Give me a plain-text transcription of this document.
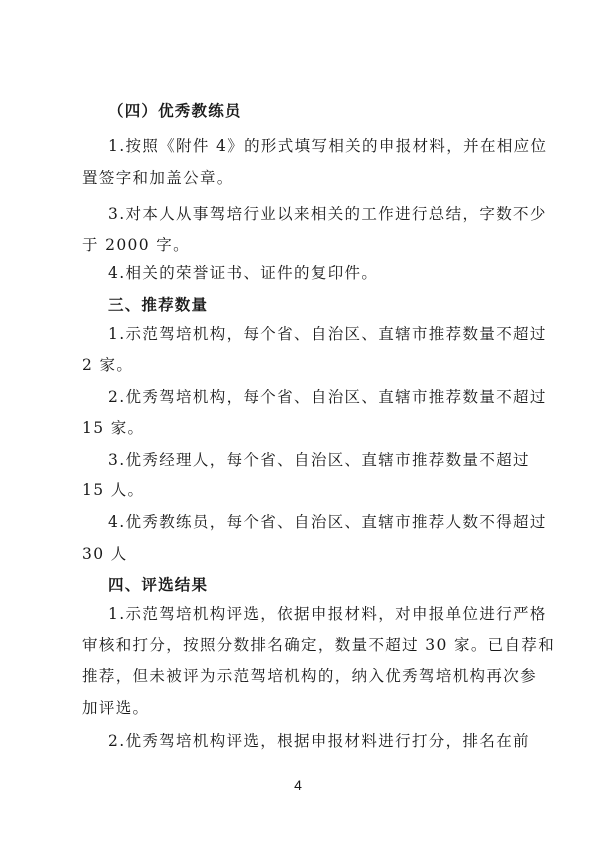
（四）优秀教练员

1.按照《附件 4》的形式填写相关的申报材料，并在相应位

置签字和加盖公章。

3.对本人从事驾培行业以来相关的工作进行总结，字数不少

于 2000 字。

4.相关的荣誉证书、证件的复印件。

三、推荐数量

1.示范驾培机构，每个省、自治区、直辖市推荐数量不超过

2 家。

2.优秀驾培机构，每个省、自治区、直辖市推荐数量不超过

15 家。

3.优秀经理人，每个省、自治区、直辖市推荐数量不超过

15 人。

4.优秀教练员，每个省、自治区、直辖市推荐人数不得超过

30 人

四、评选结果

1.示范驾培机构评选，依据申报材料，对申报单位进行严格

审核和打分，按照分数排名确定，数量不超过 30 家。已自荐和

推荐，但未被评为示范驾培机构的，纳入优秀驾培机构再次参

加评选。

2.优秀驾培机构评选，根据申报材料进行打分，排名在前

4
